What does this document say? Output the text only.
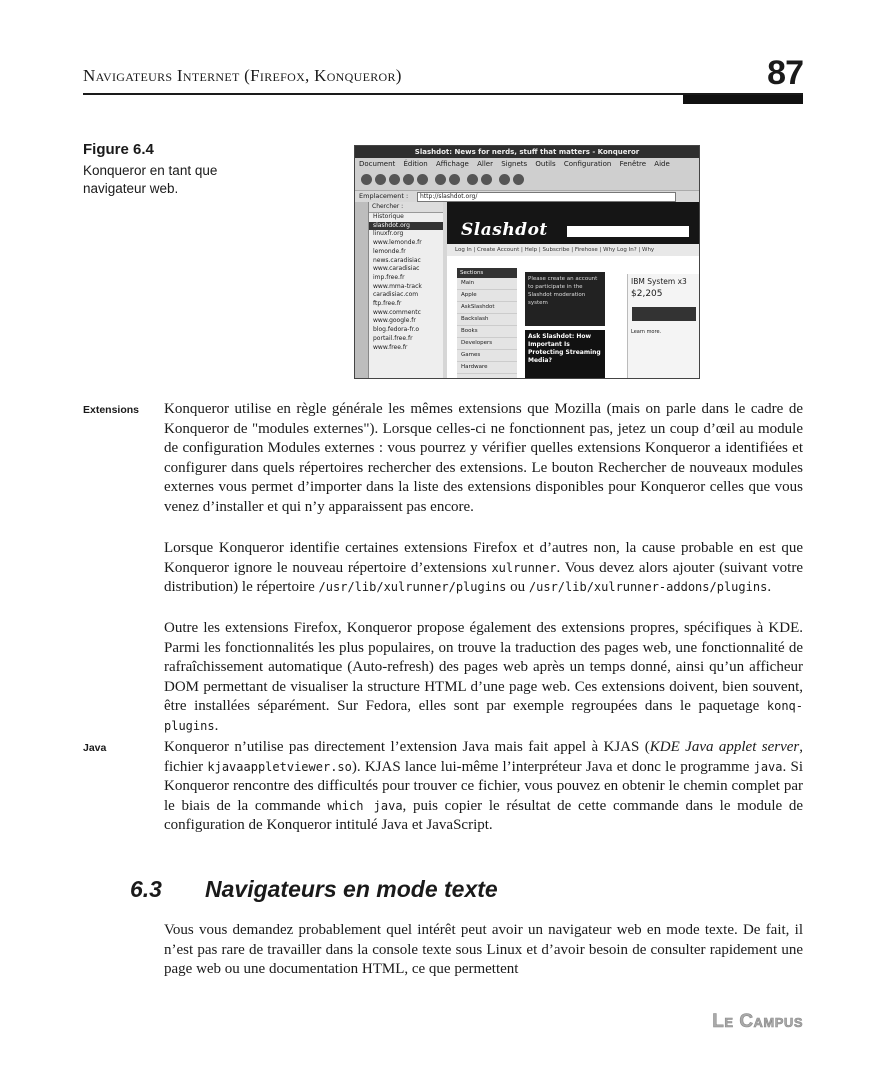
Navigateurs Internet (Firefox, Konqueror)	87
Figure 6.4
Konqueror en tant que navigateur web.
Slashdot: News for nerds, stuff that matters - Konqueror
Document Édition Affichage Aller Signets Outils Configuration Fenêtre Aide
Emplacement :	http://slashdot.org/
Chercher :
Historique
slashdot.org
linuxfr.org
www.lemonde.fr
lemonde.fr
news.caradisiac
www.caradisiac
imp.free.fr
www.mma-track
caradisiac.com
ftp.free.fr
www.commentc
www.google.fr
blog.fedora-fr.o
portail.free.fr
www.free.fr
Slashdot
Log In | Create Account | Help | Subscribe | Firehose | Why Log In? | Why
Sections
Main
Apple
AskSlashdot
Backslash
Books
Developers
Games
Hardware
Please create an account to participate in the Slashdot moderation system
Ask Slashdot: How Important Is Protecting Streaming Media?
IBM System x3
$2,205
Learn more.
Extensions Konqueror utilise en règle générale les mêmes extensions que Mozilla (mais on parle dans le cadre de Konqueror de "modules externes"). Lorsque celles-ci ne fonctionnent pas, jetez un coup d’œil au module de configuration Modules externes : vous pourrez y vérifier quelles extensions Konqueror a identifiées et configurer dans quels répertoires rechercher des extensions. Le bouton Rechercher de nouveaux modules externes vous permet d’importer dans la liste des extensions disponibles pour Konqueror celles que vous venez d’installer et qui n’y apparaissent pas encore.
Lorsque Konqueror identifie certaines extensions Firefox et d’autres non, la cause probable en est que Konqueror ignore le nouveau répertoire d’extensions xulrunner. Vous devez alors ajouter (suivant votre distribution) le répertoire /usr/lib/xulrunner/plugins ou /usr/lib/xulrunner-addons/plugins.
Outre les extensions Firefox, Konqueror propose également des extensions propres, spécifiques à KDE. Parmi les fonctionnalités les plus populaires, on trouve la traduction des pages web, une fonctionnalité de rafraîchissement automatique (Auto-refresh) des pages web après un temps donné, ainsi qu’un afficheur DOM permettant de visualiser la structure HTML d’une page web. Ces extensions doivent, bien souvent, être installées séparément. Sur Fedora, elles sont par exemple regroupées dans le paquetage konq-plugins.
Java	Konqueror n’utilise pas directement l’extension Java mais fait appel à KJAS (KDE Java applet server, fichier kjavaappletviewer.so). KJAS lance lui-même l’interpréteur Java et donc le programme java. Si Konqueror rencontre des difficultés pour trouver ce fichier, vous pouvez en obtenir le chemin complet par le biais de la commande which java, puis copier le résultat de cette commande dans le module de configuration de Konqueror intitulé Java et JavaScript.
6.3 Navigateurs en mode texte
Vous vous demandez probablement quel intérêt peut avoir un navigateur web en mode texte. De fait, il n’est pas rare de travailler dans la console texte sous Linux et d’avoir besoin de consulter rapidement une page web ou une documentation HTML, ce que permettent
Le Campus
